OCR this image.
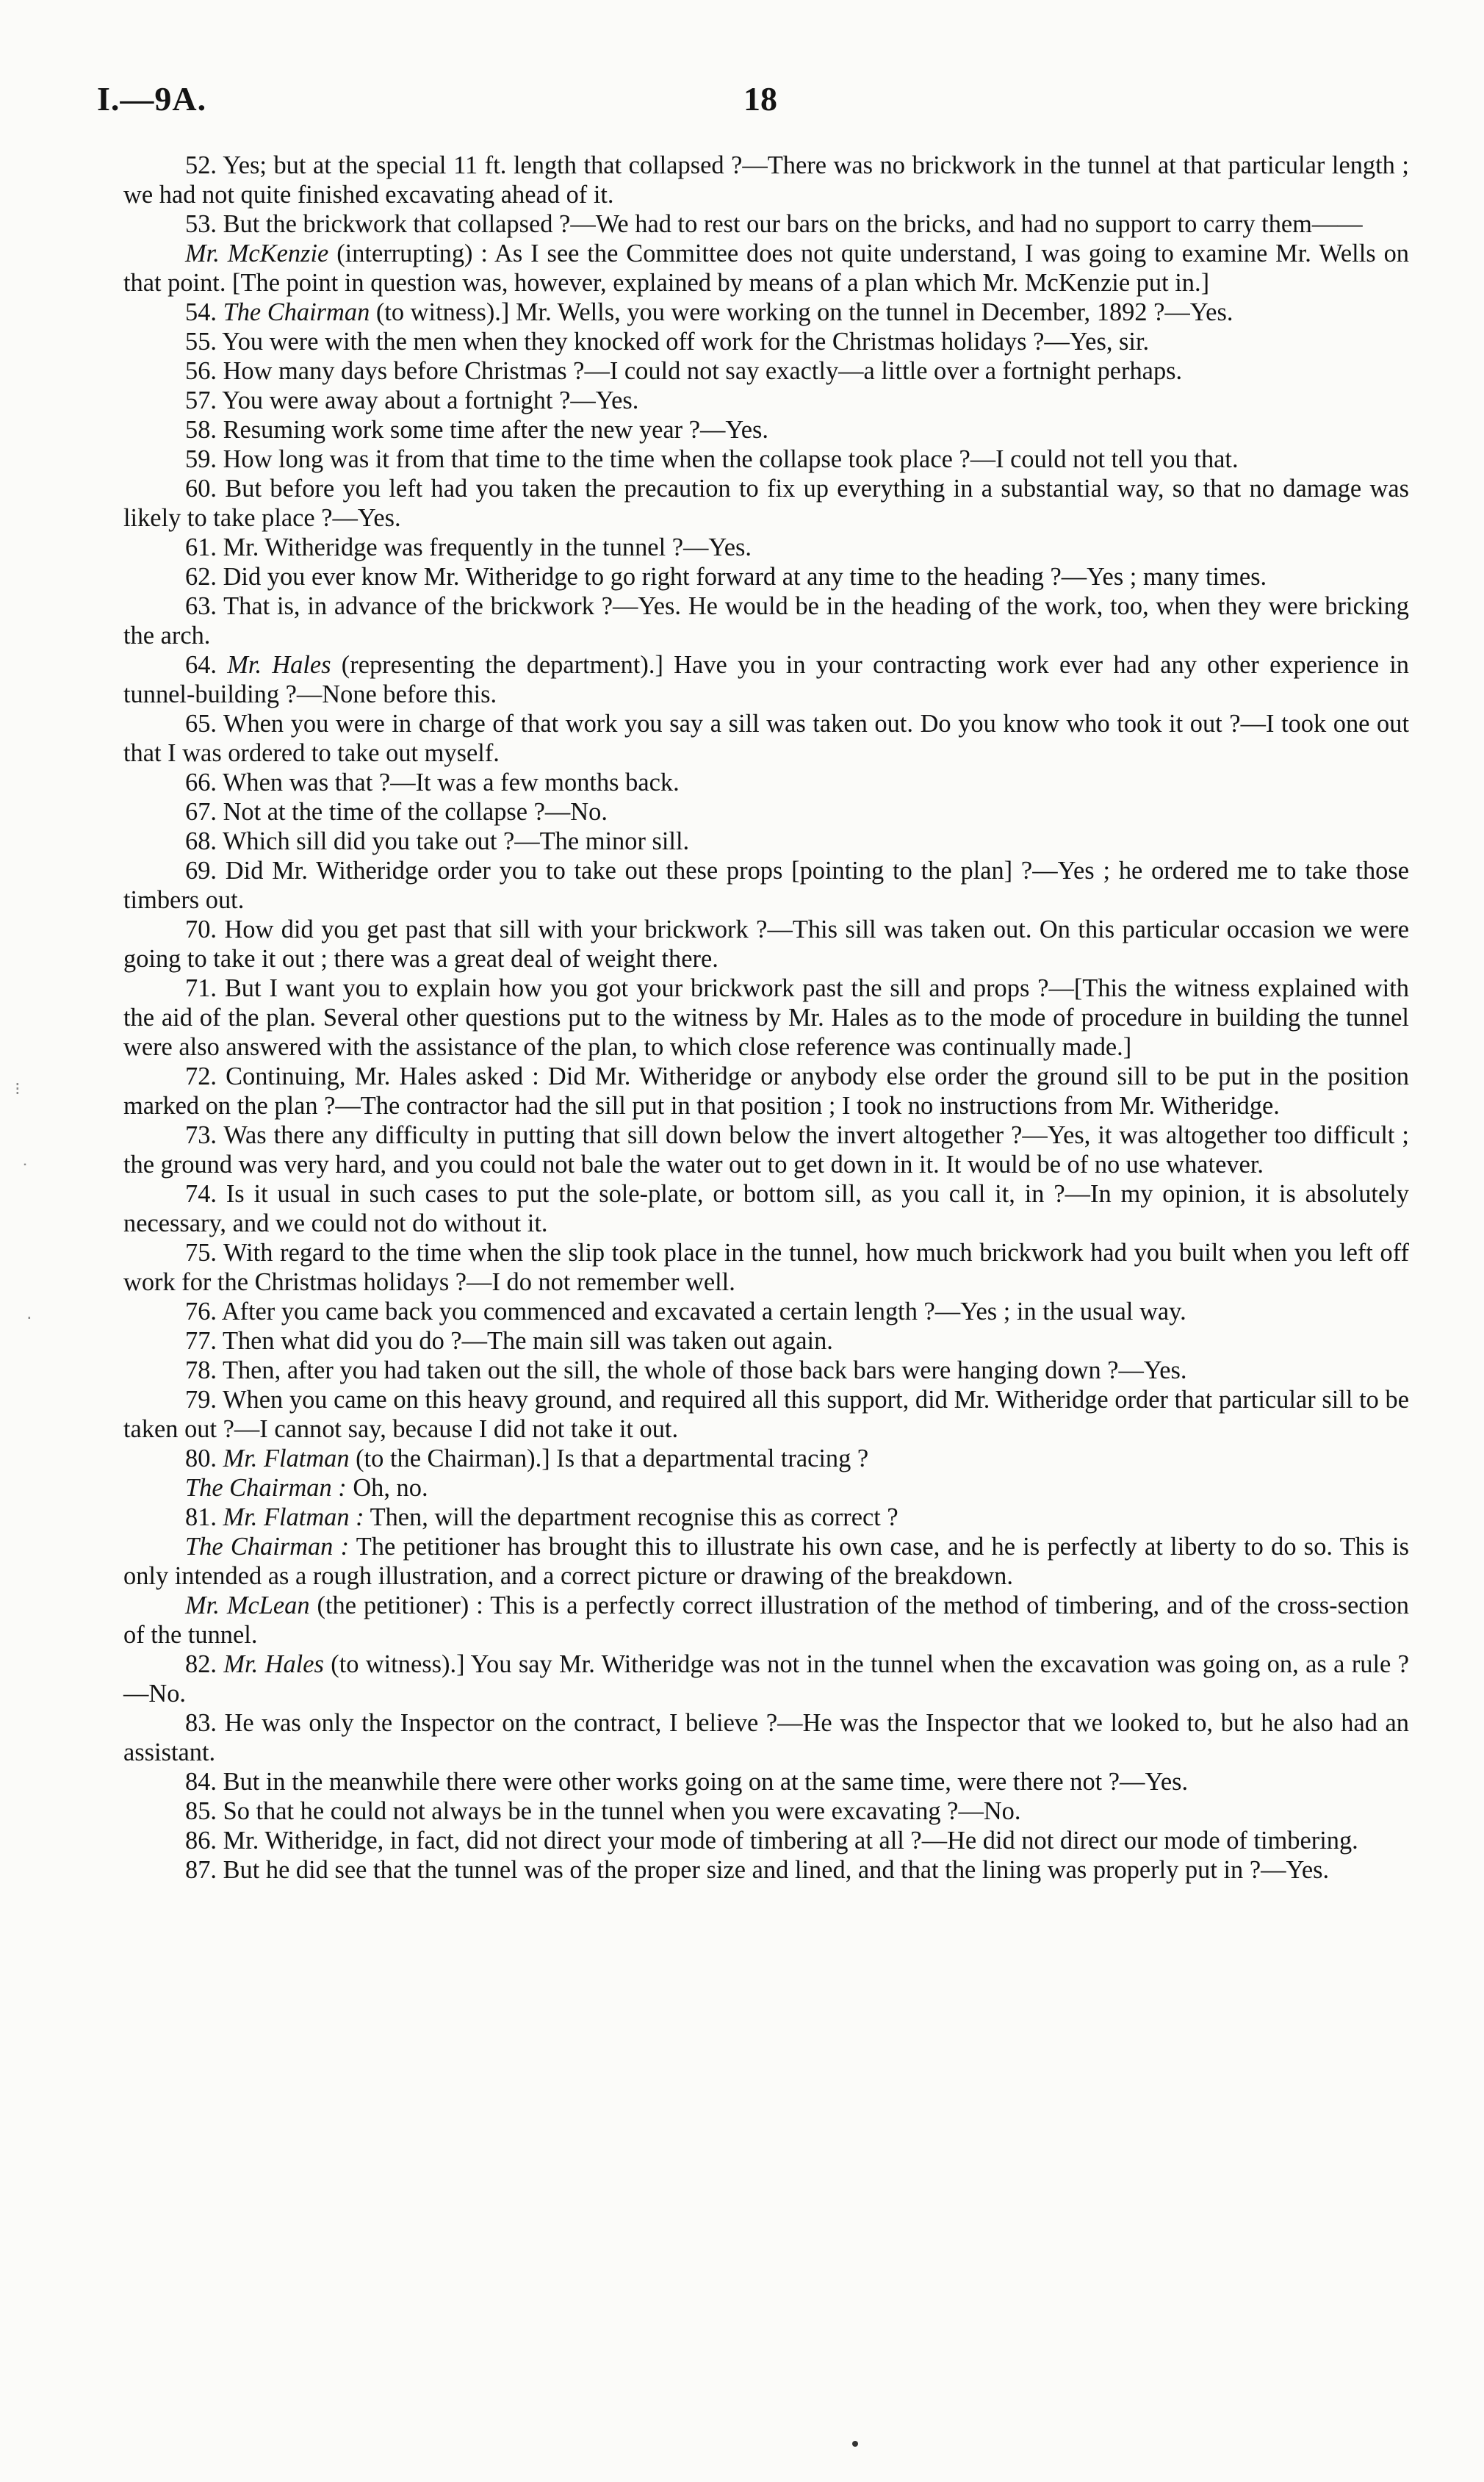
I.—9A.	18

52. Yes; but at the special 11 ft. length that collapsed ?—There was no brickwork in the tunnel at that particular length ; we had not quite finished excavating ahead of it.

53. But the brickwork that collapsed ?—We had to rest our bars on the bricks, and had no support to carry them——

Mr. McKenzie (interrupting) : As I see the Committee does not quite understand, I was going to examine Mr. Wells on that point. [The point in question was, however, explained by means of a plan which Mr. McKenzie put in.]

54. The Chairman (to witness).] Mr. Wells, you were working on the tunnel in December, 1892 ?—Yes.

55. You were with the men when they knocked off work for the Christmas holidays ?—Yes, sir.

56. How many days before Christmas ?—I could not say exactly—a little over a fortnight perhaps.

57. You were away about a fortnight ?—Yes.

58. Resuming work some time after the new year ?—Yes.

59. How long was it from that time to the time when the collapse took place ?—I could not tell you that.

60. But before you left had you taken the precaution to fix up everything in a substantial way, so that no damage was likely to take place ?—Yes.

61. Mr. Witheridge was frequently in the tunnel ?—Yes.

62. Did you ever know Mr. Witheridge to go right forward at any time to the heading ?—Yes ; many times.

63. That is, in advance of the brickwork ?—Yes. He would be in the heading of the work, too, when they were bricking the arch.

64. Mr. Hales (representing the department).] Have you in your contracting work ever had any other experience in tunnel-building ?—None before this.

65. When you were in charge of that work you say a sill was taken out. Do you know who took it out ?—I took one out that I was ordered to take out myself.

66. When was that ?—It was a few months back.

67. Not at the time of the collapse ?—No.

68. Which sill did you take out ?—The minor sill.

69. Did Mr. Witheridge order you to take out these props [pointing to the plan] ?—Yes ; he ordered me to take those timbers out.

70. How did you get past that sill with your brickwork ?—This sill was taken out. On this particular occasion we were going to take it out ; there was a great deal of weight there.

71. But I want you to explain how you got your brickwork past the sill and props ?—[This the witness explained with the aid of the plan. Several other questions put to the witness by Mr. Hales as to the mode of procedure in building the tunnel were also answered with the assistance of the plan, to which close reference was continually made.]

72. Continuing, Mr. Hales asked : Did Mr. Witheridge or anybody else order the ground sill to be put in the position marked on the plan ?—The contractor had the sill put in that position ; I took no instructions from Mr. Witheridge.

73. Was there any difficulty in putting that sill down below the invert altogether ?—Yes, it was altogether too difficult ; the ground was very hard, and you could not bale the water out to get down in it. It would be of no use whatever.

74. Is it usual in such cases to put the sole-plate, or bottom sill, as you call it, in ?—In my opinion, it is absolutely necessary, and we could not do without it.

75. With regard to the time when the slip took place in the tunnel, how much brickwork had you built when you left off work for the Christmas holidays ?—I do not remember well.

76. After you came back you commenced and excavated a certain length ?—Yes ; in the usual way.

77. Then what did you do ?—The main sill was taken out again.

78. Then, after you had taken out the sill, the whole of those back bars were hanging down ?—Yes.

79. When you came on this heavy ground, and required all this support, did Mr. Witheridge order that particular sill to be taken out ?—I cannot say, because I did not take it out.

80. Mr. Flatman (to the Chairman).] Is that a departmental tracing ?

The Chairman : Oh, no.

81. Mr. Flatman : Then, will the department recognise this as correct ?

The Chairman : The petitioner has brought this to illustrate his own case, and he is perfectly at liberty to do so. This is only intended as a rough illustration, and a correct picture or drawing of the breakdown.

Mr. McLean (the petitioner) : This is a perfectly correct illustration of the method of timbering, and of the cross-section of the tunnel.

82. Mr. Hales (to witness).] You say Mr. Witheridge was not in the tunnel when the excavation was going on, as a rule ?—No.

83. He was only the Inspector on the contract, I believe ?—He was the Inspector that we looked to, but he also had an assistant.

84. But in the meanwhile there were other works going on at the same time, were there not ?—Yes.

85. So that he could not always be in the tunnel when you were excavating ?—No.

86. Mr. Witheridge, in fact, did not direct your mode of timbering at all ?—He did not direct our mode of timbering.

87. But he did see that the tunnel was of the proper size and lined, and that the lining was properly put in ?—Yes.

⁝
˙
·
